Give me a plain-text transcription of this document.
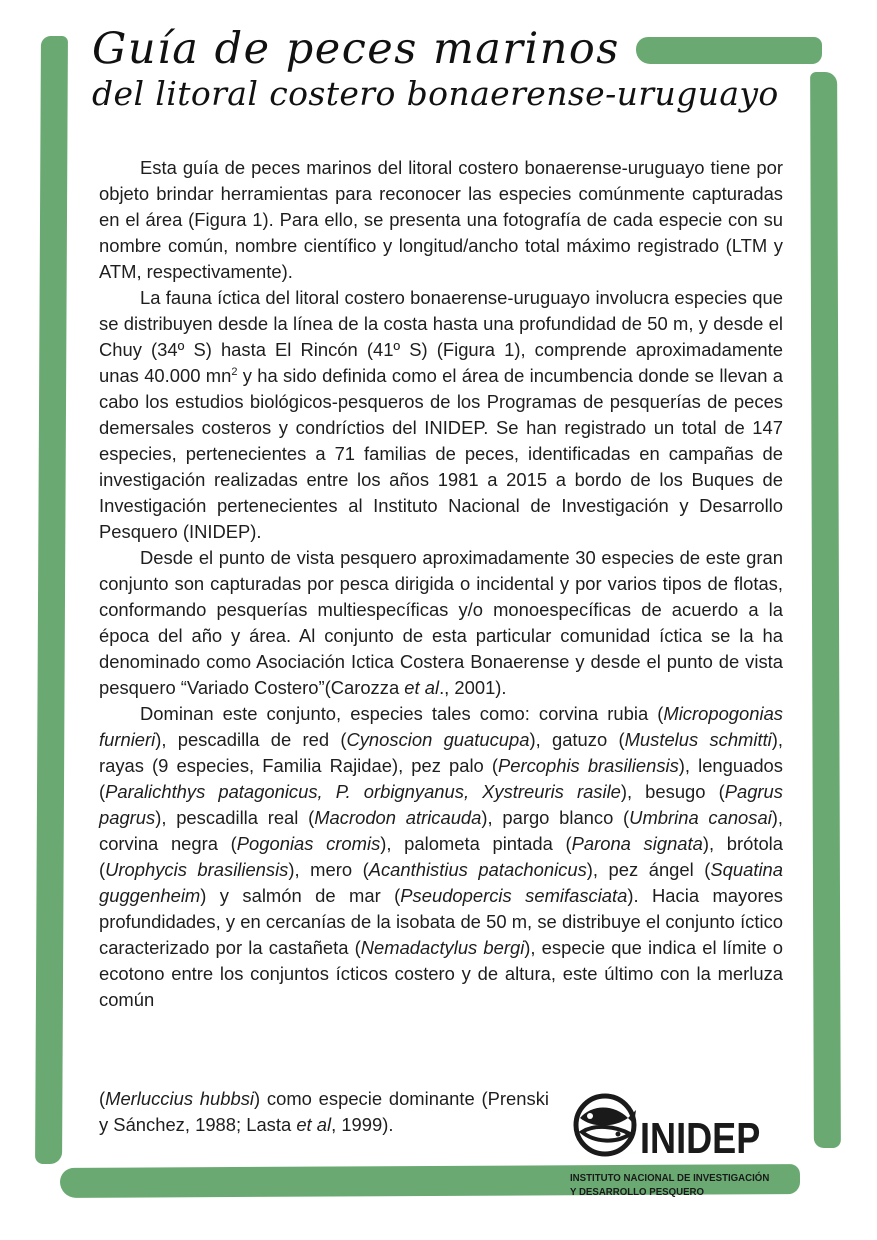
Guía de peces marinos
del litoral costero bonaerense-uruguayo

Esta guía de peces marinos del litoral costero bonaerense-uruguayo tiene por objeto brindar herramientas para reconocer las especies comúnmente capturadas en el área (Figura 1). Para ello, se presenta una fotografía de cada especie con su nombre común, nombre científico y longitud/ancho total máximo registrado (LTM y ATM, respectivamente).

La fauna íctica del litoral costero bonaerense-uruguayo involucra especies que se distribuyen desde la línea de la costa hasta una profundidad de 50 m, y desde el Chuy (34º S) hasta El Rincón (41º S) (Figura 1), comprende aproximadamente unas 40.000 $mn^2$ y ha sido definida como el área de incumbencia donde se llevan a cabo los estudios biológicos-pesqueros de los Programas de pesquerías de peces demersales costeros y condríctios del INIDEP. Se han registrado un total de 147 especies, pertenecientes a 71 familias de peces, identificadas en campañas de investigación realizadas entre los años 1981 a 2015 a bordo de los Buques de Investigación pertenecientes al Instituto Nacional de Investigación y Desarrollo Pesquero (INIDEP).

Desde el punto de vista pesquero aproximadamente 30 especies de este gran conjunto son capturadas por pesca dirigida o incidental y por varios tipos de flotas, conformando pesquerías multiespecíficas y/o monoespecíficas de acuerdo a la época del año y área. Al conjunto de esta particular comunidad íctica se la ha denominado como Asociación Ictica Costera Bonaerense y desde el punto de vista pesquero “Variado Costero”(Carozza et al., 2001).

Dominan este conjunto, especies tales como: corvina rubia (Micropogonias furnieri), pescadilla de red (Cynoscion guatucupa), gatuzo (Mustelus schmitti), rayas (9 especies, Familia Rajidae), pez palo (Percophis brasiliensis), lenguados (Paralichthys patagonicus, P. orbignyanus, Xystreuris rasile), besugo (Pagrus pagrus), pescadilla real (Macrodon atricauda), pargo blanco (Umbrina canosai), corvina negra (Pogonias cromis), palometa pintada (Parona signata), brótola (Urophycis brasiliensis), mero (Acanthistius patachonicus), pez ángel (Squatina guggenheim) y salmón de mar (Pseudopercis semifasciata). Hacia mayores profundidades, y en cercanías de la isobata de 50 m, se distribuye el conjunto íctico caracterizado por la castañeta (Nemadactylus bergi), especie que indica el límite o ecotono entre los conjuntos ícticos costero y de altura, este último con la merluza común

(Merluccius hubbsi) como especie dominante (Prenski y Sánchez, 1988; Lasta et al, 1999).	INIDEP

INSTITUTO NACIONAL DE INVESTIGACIÓN

Y DESARROLLO PESQUERO
